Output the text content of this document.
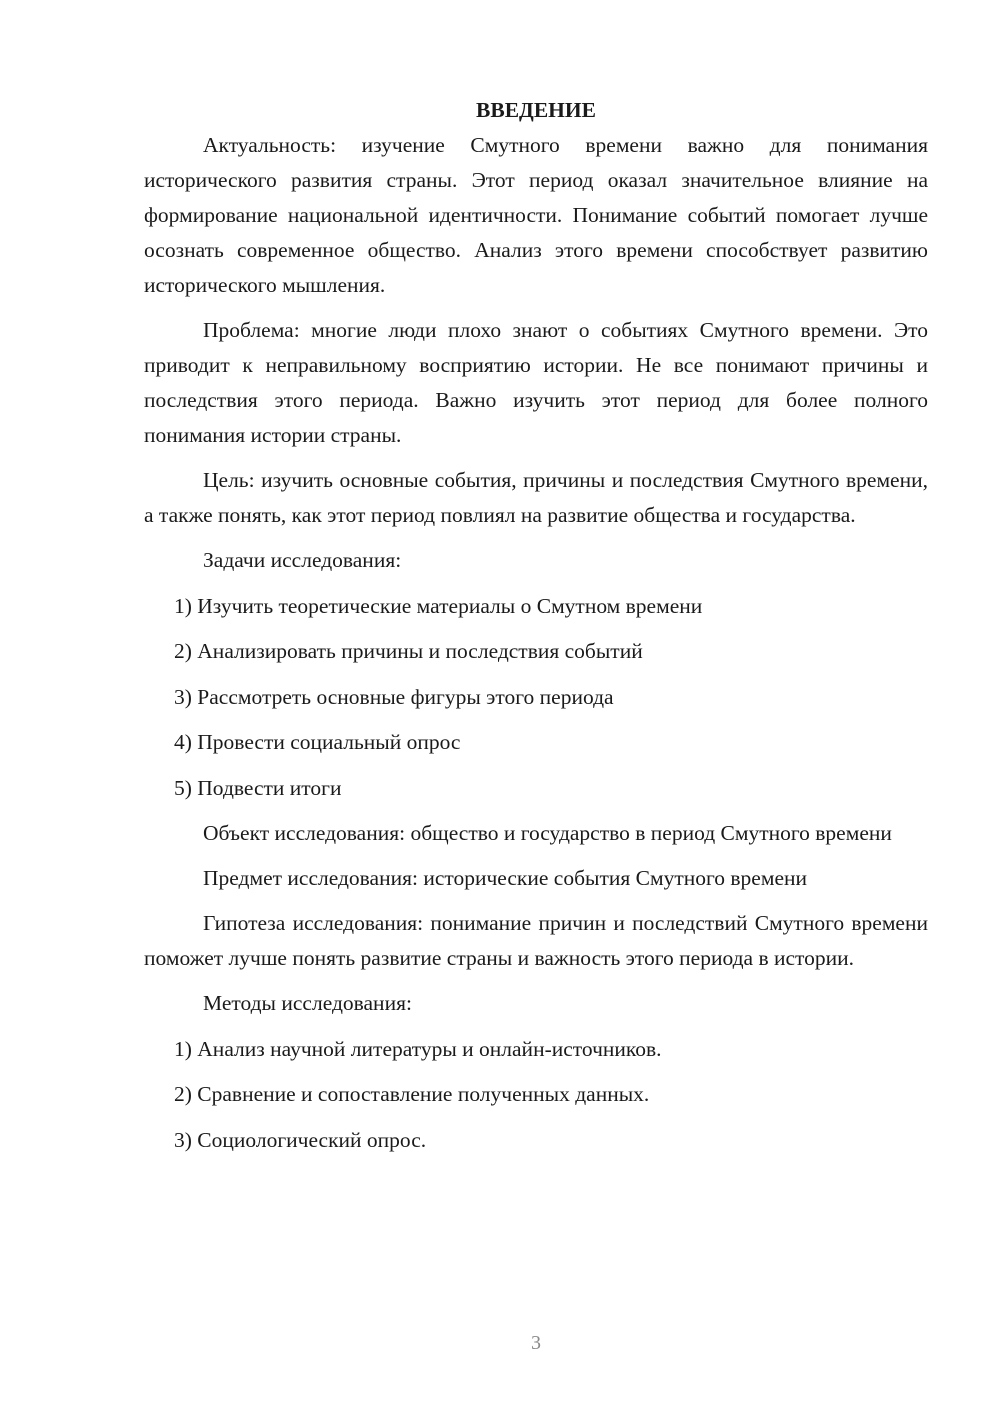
ВВЕДЕНИЕ

Актуальность: изучение Смутного времени важно для понимания исторического развития страны. Этот период оказал значительное влияние на формирование национальной идентичности. Понимание событий помогает лучше осознать современное общество. Анализ этого времени способствует развитию исторического мышления.

Проблема: многие люди плохо знают о событиях Смутного времени. Это приводит к неправильному восприятию истории. Не все понимают причины и последствия этого периода. Важно изучить этот период для более полного понимания истории страны.

Цель: изучить основные события, причины и последствия Смутного времени, а также понять, как этот период повлиял на развитие общества и государства.

Задачи исследования:

1) Изучить теоретические материалы о Смутном времени

2) Анализировать причины и последствия событий

3) Рассмотреть основные фигуры этого периода

4) Провести социальный опрос

5) Подвести итоги

Объект исследования: общество и государство в период Смутного времени

Предмет исследования: исторические события Смутного времени

Гипотеза исследования: понимание причин и последствий Смутного времени поможет лучше понять развитие страны и важность этого периода в истории.

Методы исследования:

1) Анализ научной литературы и онлайн-источников.

2) Сравнение и сопоставление полученных данных.

3) Социологический опрос.

3
